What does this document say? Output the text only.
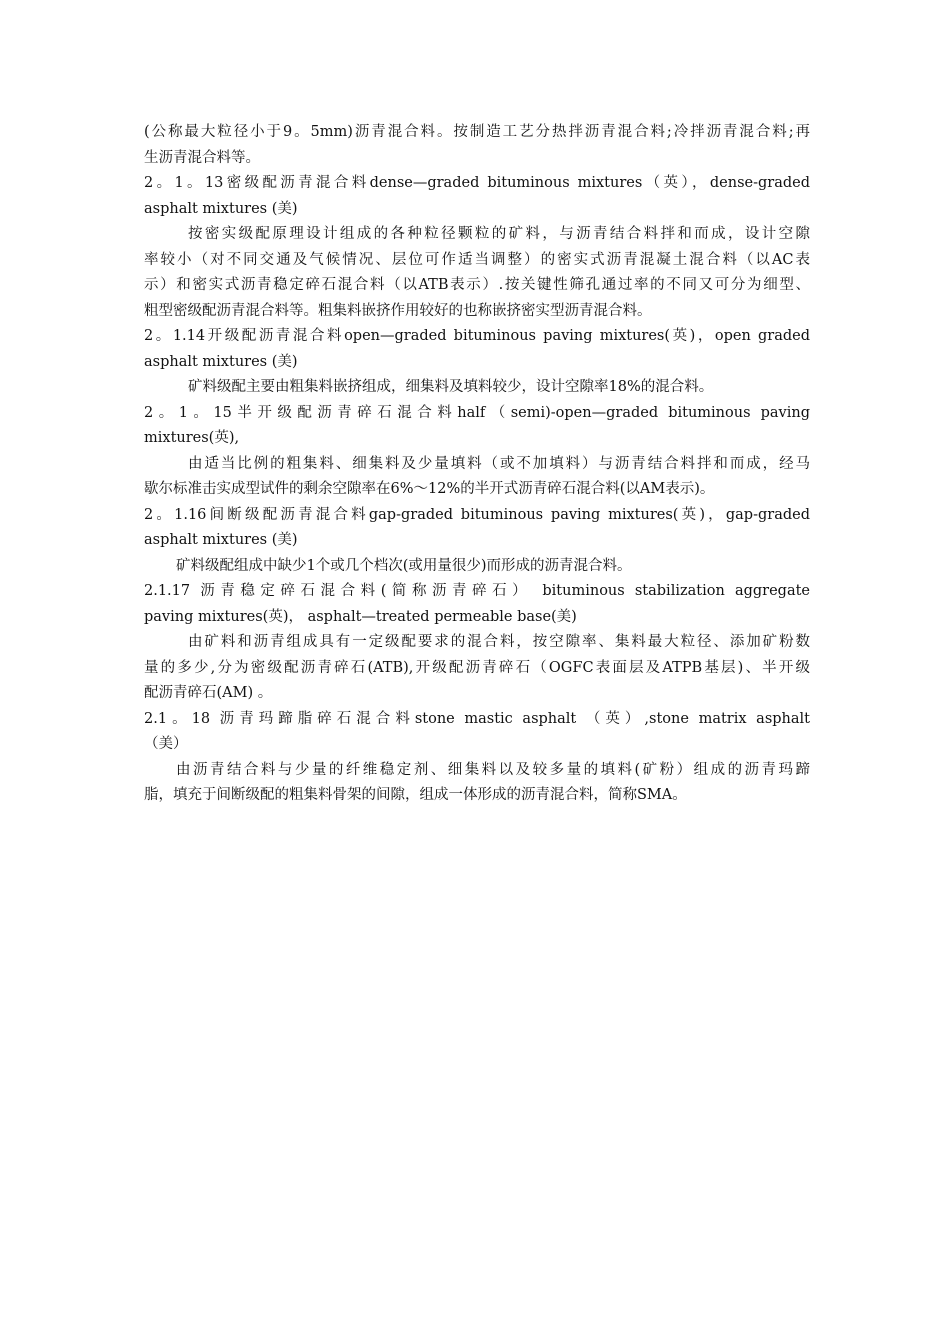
(公称最大粒径小于9。5mm)沥青混合料。按制造工艺分热拌沥青混合料;冷拌沥青混合料;再
生沥青混合料等。
2。1。13密级配沥青混合料dense—graded bituminous mixtures（英），dense-graded
asphalt mixtures (美)
按密实级配原理设计组成的各种粒径颗粒的矿料，与沥青结合料拌和而成，设计空隙
率较小（对不同交通及气候情况、层位可作适当调整）的密实式沥青混凝土混合料（以AC表
示）和密实式沥青稳定碎石混合料（以ATB表示）.按关键性筛孔通过率的不同又可分为细型、
粗型密级配沥青混合料等。粗集料嵌挤作用较好的也称嵌挤密实型沥青混合料。
2。1.14开级配沥青混合料open—graded bituminous paving mixtures(英)，open graded
asphalt mixtures (美)
矿料级配主要由粗集料嵌挤组成，细集料及填料较少，设计空隙率18%的混合料。
2。1。15半开级配沥青碎石混合料half（semi)-open—graded bituminous paving
mixtures(英),
由适当比例的粗集料、细集料及少量填料（或不加填料）与沥青结合料拌和而成，经马
歇尔标准击实成型试件的剩余空隙率在6%～12%的半开式沥青碎石混合料(以AM表示)。
2。1.16间断级配沥青混合料gap-graded bituminous paving mixtures(英)，gap-graded
asphalt mixtures (美)
矿料级配组成中缺少1个或几个档次(或用量很少)而形成的沥青混合料。
2.1.17 沥青稳定碎石混合料(简称沥青碎石） bituminous stabilization aggregate
paving mixtures(英)， asphalt—treated permeable base(美)
由矿料和沥青组成具有一定级配要求的混合料，按空隙率、集料最大粒径、添加矿粉数
量的多少,分为密级配沥青碎石(ATB),开级配沥青碎石（OGFC表面层及ATPB基层)、半开级
配沥青碎石(AM) 。
2.1。18 沥青玛蹄脂碎石混合料stone mastic asphalt （英）,stone matrix asphalt
（美）
由沥青结合料与少量的纤维稳定剂、细集料以及较多量的填料(矿粉）组成的沥青玛蹄
脂，填充于间断级配的粗集料骨架的间隙，组成一体形成的沥青混合料，简称SMA。
